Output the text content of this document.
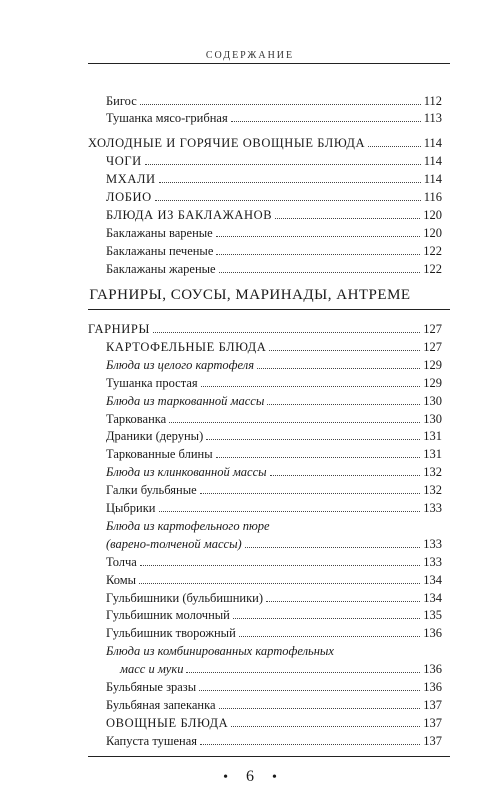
СОДЕРЖАНИЕ
Бигос	112
Тушанка мясо-грибная	113
ХОЛОДНЫЕ И ГОРЯЧИЕ ОВОЩНЫЕ БЛЮДА	114
ЧОГИ	114
МХАЛИ	114
ЛОБИО	116
БЛЮДА ИЗ БАКЛАЖАНОВ	120
Баклажаны вареные	120
Баклажаны печеные	122
Баклажаны жареные	122
ГАРНИРЫ, СОУСЫ, МАРИНАДЫ, АНТРЕМЕ
ГАРНИРЫ	127
КАРТОФЕЛЬНЫЕ БЛЮДА	127
Блюда из целого картофеля	129
Тушанка простая	129
Блюда из таркованной массы	130
Таркованка	130
Драники (деруны)	131
Таркованные блины	131
Блюда из клинкованной массы	132
Галки бульбяные	132
Цыбрики	133
Блюда из картофельного пюре
(варено-толченой массы)	133
Толча	133
Комы	134
Гульбишники (бульбишники)	134
Гульбишник молочный	135
Гульбишник творожный	136
Блюда из комбинированных картофельных
масс и муки	136
Бульбяные зразы	136
Бульбяная запеканка	137
• 6 •
ОВОЩНЫЕ БЛЮДА	137
Капуста тушеная	137
